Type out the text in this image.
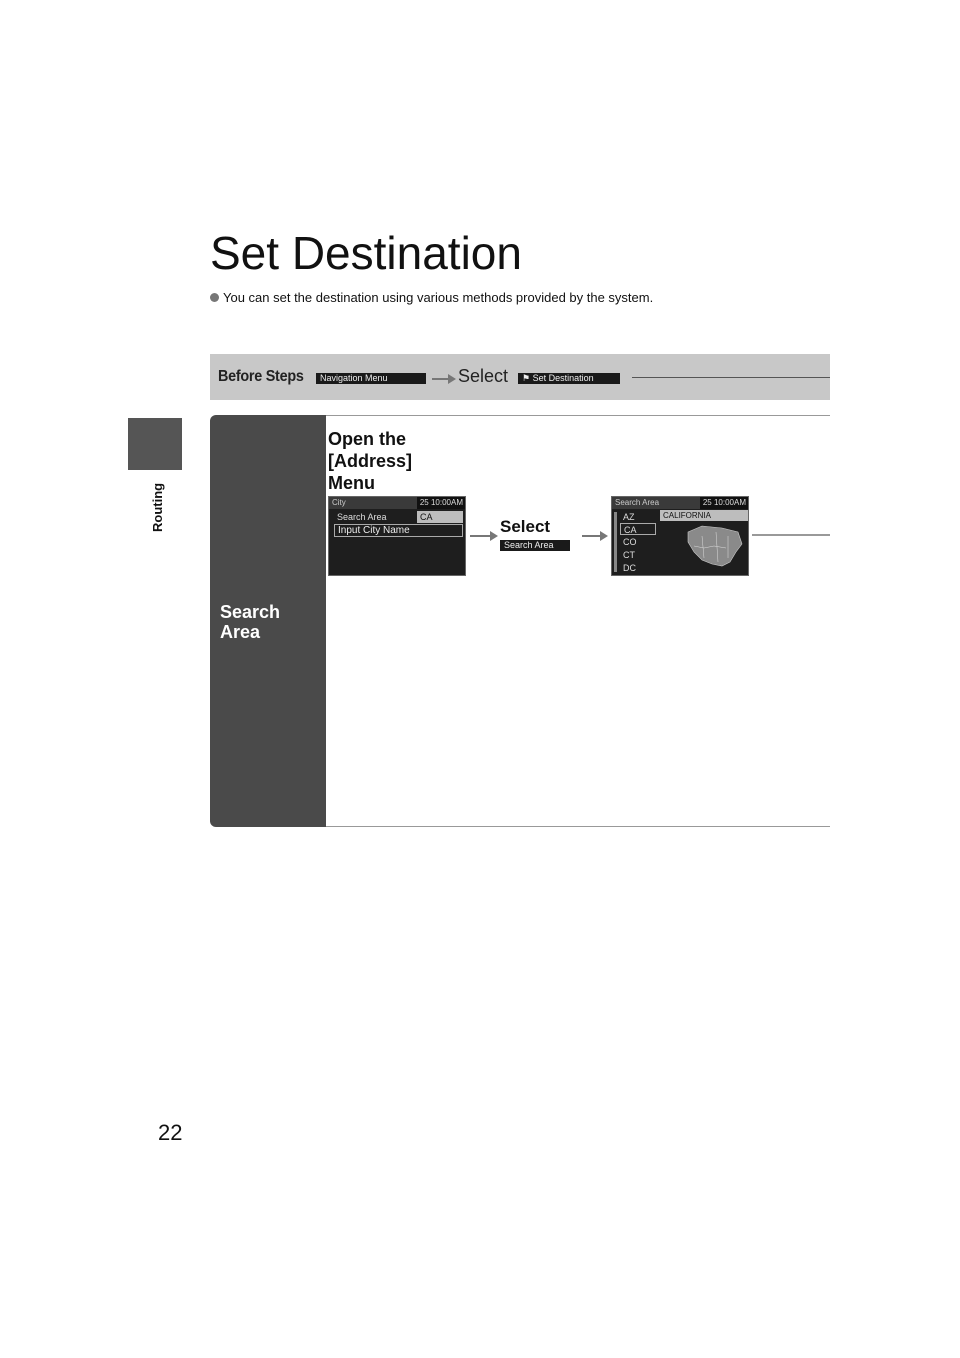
Routing
Set Destination
You can set the destination using various methods provided by the system.
Before Steps	Navigation Menu	Select	⚑ Set Destination
Search
Area
Open the
[Address]
Menu
City	25 10:00AM
Search Area	CA
Input City Name	Select
Search Area
Search Area	25 10:00AM
CALIFORNIA
AZ
CA
CO
CT
DC
22
